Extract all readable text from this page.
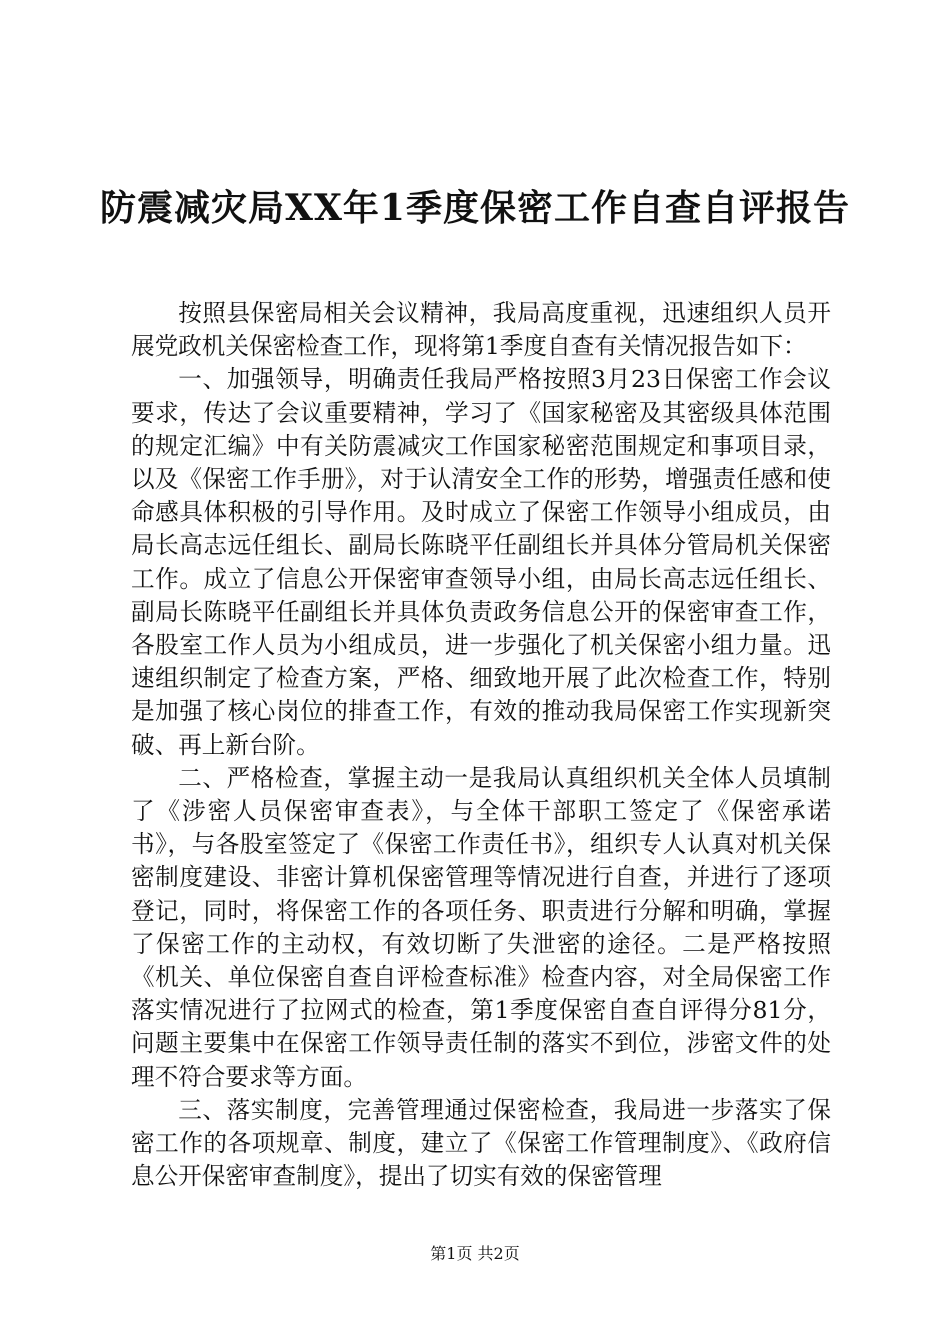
防震减灾局XX年1季度保密工作自查自评报告

按照县保密局相关会议精神，我局高度重视，迅速组织人员开展党政机关保密检查工作，现将第1季度自查有关情况报告如下：

一、加强领导，明确责任我局严格按照3月23日保密工作会议要求，传达了会议重要精神，学习了《国家秘密及其密级具体范围的规定汇编》中有关防震减灾工作国家秘密范围规定和事项目录，以及《保密工作手册》，对于认清安全工作的形势，增强责任感和使命感具体积极的引导作用。及时成立了保密工作领导小组成员，由局长高志远任组长、副局长陈晓平任副组长并具体分管局机关保密工作。成立了信息公开保密审查领导小组，由局长高志远任组长、副局长陈晓平任副组长并具体负责政务信息公开的保密审查工作，各股室工作人员为小组成员，进一步强化了机关保密小组力量。迅速组织制定了检查方案，严格、细致地开展了此次检查工作，特别是加强了核心岗位的排查工作，有效的推动我局保密工作实现新突破、再上新台阶。

二、严格检查，掌握主动一是我局认真组织机关全体人员填制了《涉密人员保密审查表》，与全体干部职工签定了《保密承诺书》，与各股室签定了《保密工作责任书》，组织专人认真对机关保密制度建设、非密计算机保密管理等情况进行自查，并进行了逐项登记，同时，将保密工作的各项任务、职责进行分解和明确，掌握了保密工作的主动权，有效切断了失泄密的途径。二是严格按照《机关、单位保密自查自评检查标准》检查内容，对全局保密工作落实情况进行了拉网式的检查，第1季度保密自查自评得分81分，问题主要集中在保密工作领导责任制的落实不到位，涉密文件的处理不符合要求等方面。

三、落实制度，完善管理通过保密检查，我局进一步落实了保密工作的各项规章、制度，建立了《保密工作管理制度》、《政府信息公开保密审查制度》，提出了切实有效的保密管理

第1页 共2页
